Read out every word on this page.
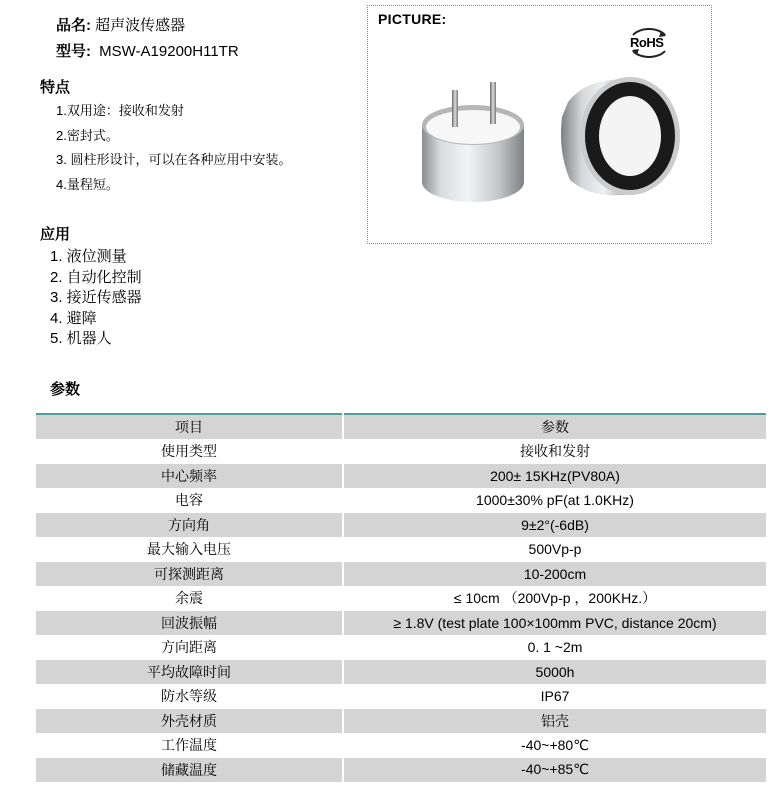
品名: 超声波传感器
型号: MSW-A19200H11TR
特点
1.双用途：接收和发射
2.密封式。
3. 圆柱形设计，可以在各种应用中安装。
4.量程短。
应用
1. 液位测量
2. 自动化控制
3. 接近传感器
4. 避障
5. 机器人
PICTURE:
RoHS
参数
项目	参数
使用类型	接收和发射
中心频率	200± 15KHz(PV80A)
电容	1000±30% pF(at 1.0KHz)
方向角	9±2°(-6dB)
最大输入电压	500Vp-p
可探测距离	10-200cm
余震	≤ 10cm （200Vp-p ，200KHz.）
回波振幅	≥ 1.8V (test plate 100×100mm PVC, distance 20cm)
方向距离	0. 1 ~2m
平均故障时间	5000h
防水等级	IP67
外壳材质	铝壳
工作温度	-40~+80℃
储藏温度	-40~+85℃
